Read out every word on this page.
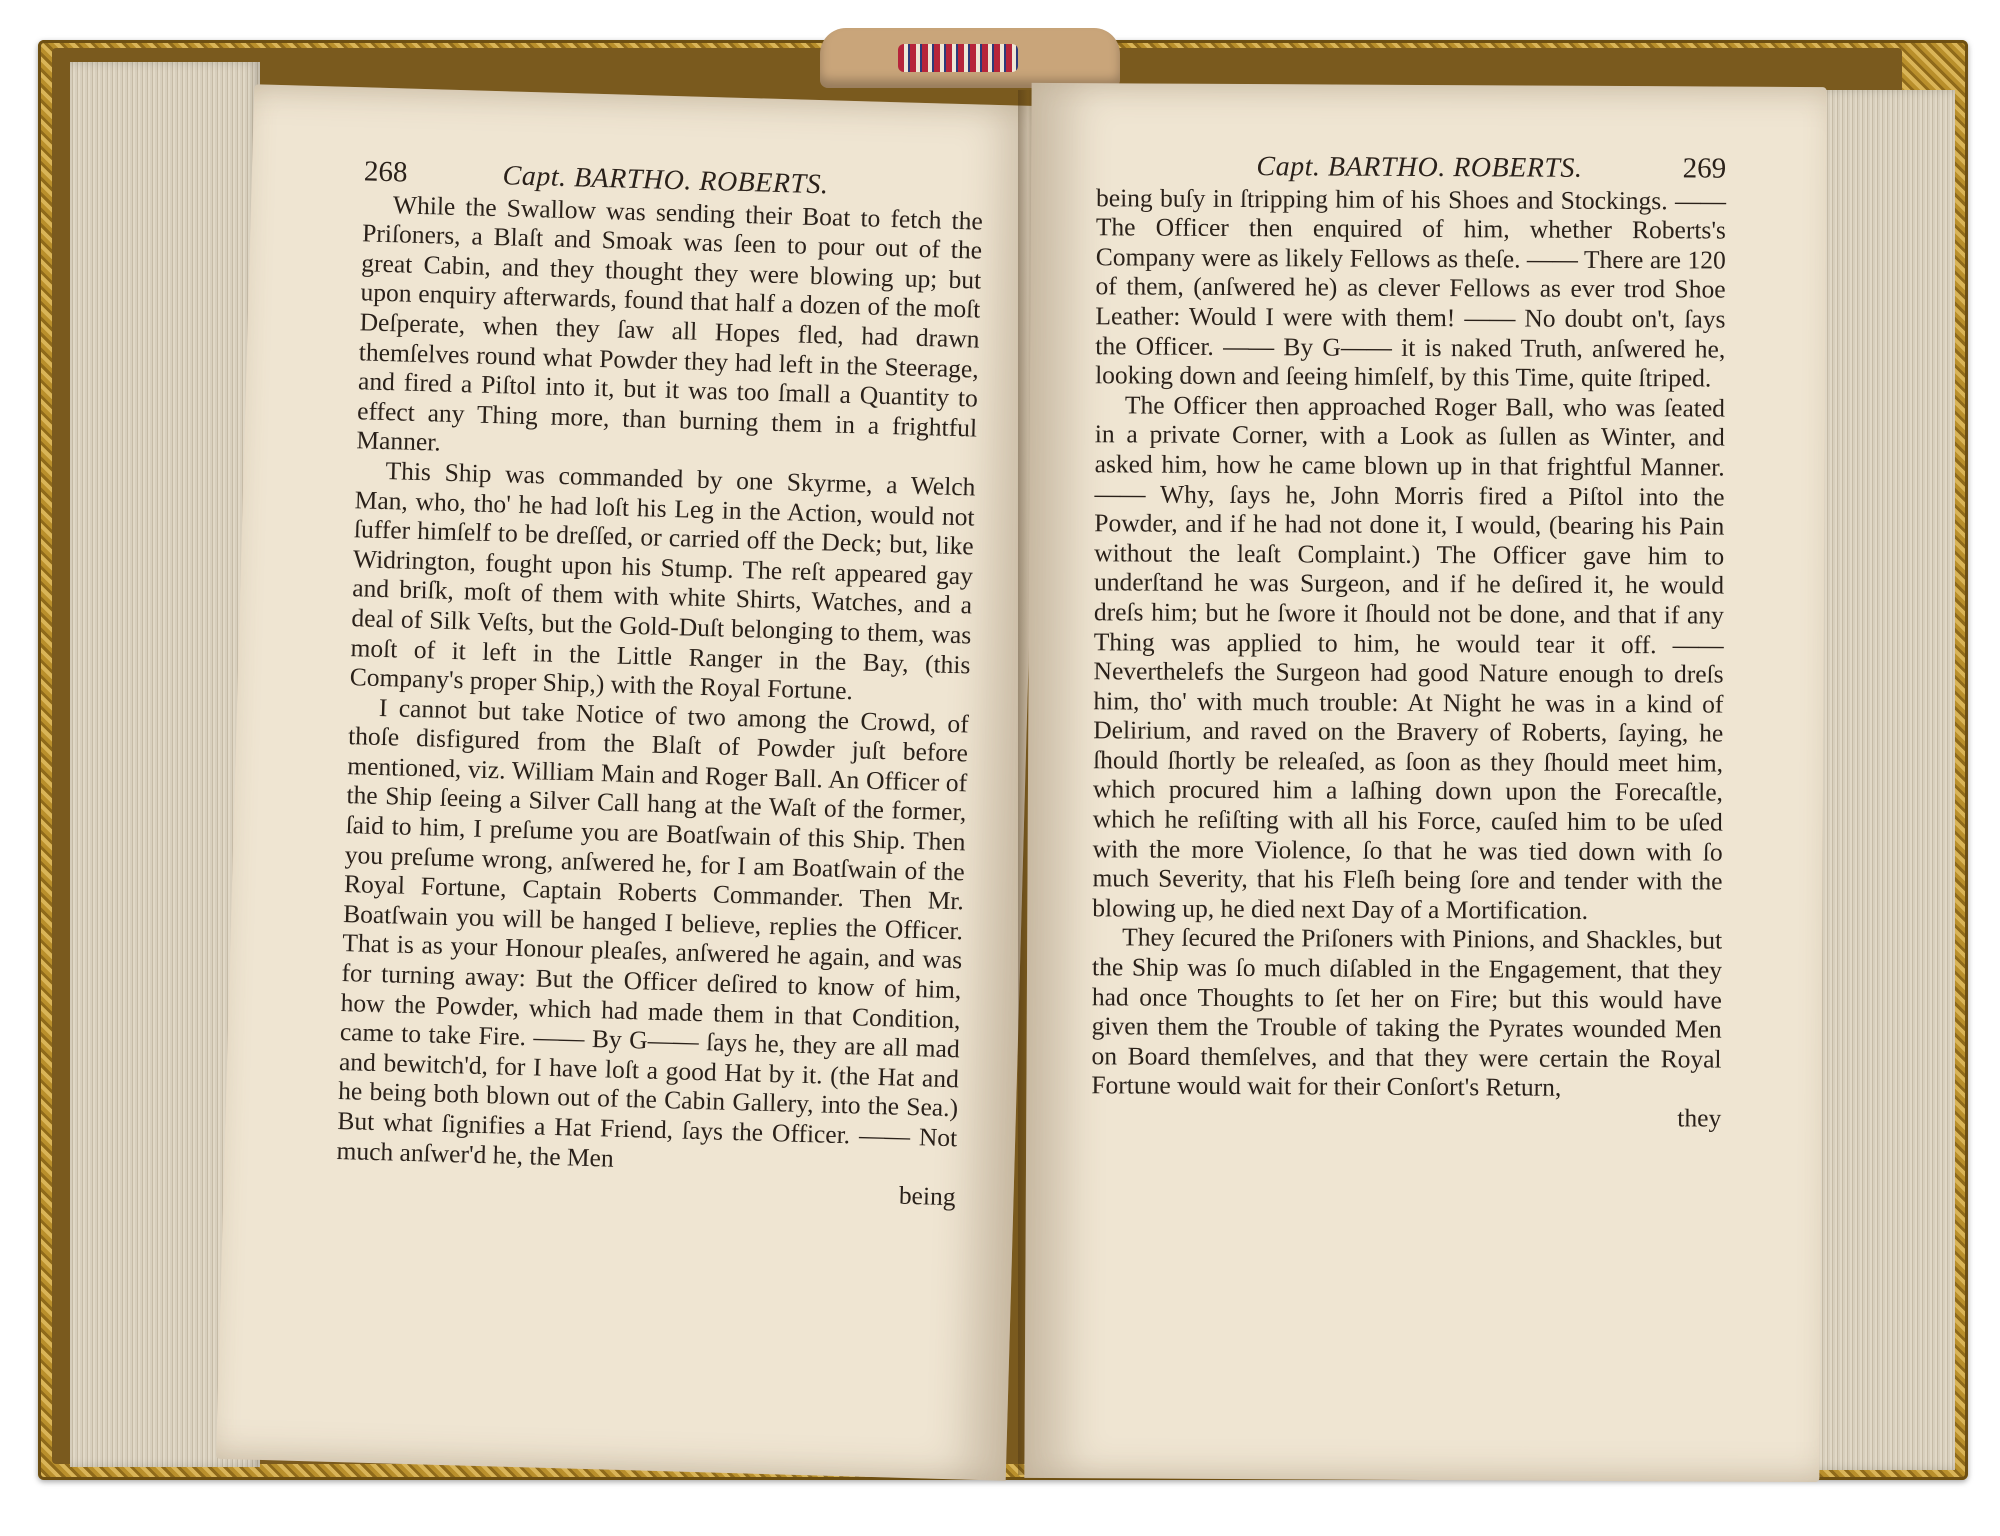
268	Capt. BARTHO. ROBERTS.

While the Swallow was sending their Boat to fetch the Priſoners, a Blaſt and Smoak was ſeen to pour out of the great Cabin, and they thought they were blowing up; but upon enquiry afterwards, found that half a dozen of the moſt Deſperate, when they ſaw all Hopes fled, had drawn themſelves round what Powder they had left in the Steerage, and fired a Piſtol into it, but it was too ſmall a Quantity to effect any Thing more, than burning them in a frightful Manner.

This Ship was commanded by one Skyrme, a Welch Man, who, tho' he had loſt his Leg in the Action, would not ſuffer himſelf to be dreſſed, or carried off the Deck; but, like Widrington, fought upon his Stump. The reſt appeared gay and briſk, moſt of them with white Shirts, Watches, and a deal of Silk Veſts, but the Gold-Duſt belonging to them, was moſt of it left in the Little Ranger in the Bay, (this Company's proper Ship,) with the Royal Fortune.

I cannot but take Notice of two among the Crowd, of thoſe disfigured from the Blaſt of Powder juſt before mentioned, viz. William Main and Roger Ball. An Officer of the Ship ſeeing a Silver Call hang at the Waſt of the former, ſaid to him, I preſume you are Boatſwain of this Ship. Then you preſume wrong, anſwered he, for I am Boatſwain of the Royal Fortune, Captain Roberts Commander. Then Mr. Boatſwain you will be hanged I believe, replies the Officer. That is as your Honour pleaſes, anſwered he again, and was for turning away: But the Officer deſired to know of him, how the Powder, which had made them in that Condition, came to take Fire. —— By G—— ſays he, they are all mad and bewitch'd, for I have loſt a good Hat by it. (the Hat and he being both blown out of the Cabin Gallery, into the Sea.) But what ſignifies a Hat Friend, ſays the Officer. —— Not much anſwer'd he, the Men

being
Capt. BARTHO. ROBERTS.	269

being buſy in ſtripping him of his Shoes and Stockings. —— The Officer then enquired of him, whether Roberts's Company were as likely Fellows as theſe. —— There are 120 of them, (anſwered he) as clever Fellows as ever trod Shoe Leather: Would I were with them! —— No doubt on't, ſays the Officer. —— By G—— it is naked Truth, anſwered he, looking down and ſeeing himſelf, by this Time, quite ſtriped.

The Officer then approached Roger Ball, who was ſeated in a private Corner, with a Look as ſullen as Winter, and asked him, how he came blown up in that frightful Manner. —— Why, ſays he, John Morris fired a Piſtol into the Powder, and if he had not done it, I would, (bearing his Pain without the leaſt Complaint.) The Officer gave him to underſtand he was Surgeon, and if he deſired it, he would dreſs him; but he ſwore it ſhould not be done, and that if any Thing was applied to him, he would tear it off. —— Neverthelefs the Surgeon had good Nature enough to dreſs him, tho' with much trouble: At Night he was in a kind of Delirium, and raved on the Bravery of Roberts, ſaying, he ſhould ſhortly be releaſed, as ſoon as they ſhould meet him, which procured him a laſhing down upon the Forecaſtle, which he reſiſting with all his Force, cauſed him to be uſed with the more Violence, ſo that he was tied down with ſo much Severity, that his Fleſh being ſore and tender with the blowing up, he died next Day of a Mortification.

They ſecured the Priſoners with Pinions, and Shackles, but the Ship was ſo much diſabled in the Engagement, that they had once Thoughts to ſet her on Fire; but this would have given them the Trouble of taking the Pyrates wounded Men on Board themſelves, and that they were certain the Royal Fortune would wait for their Conſort's Return,

they
